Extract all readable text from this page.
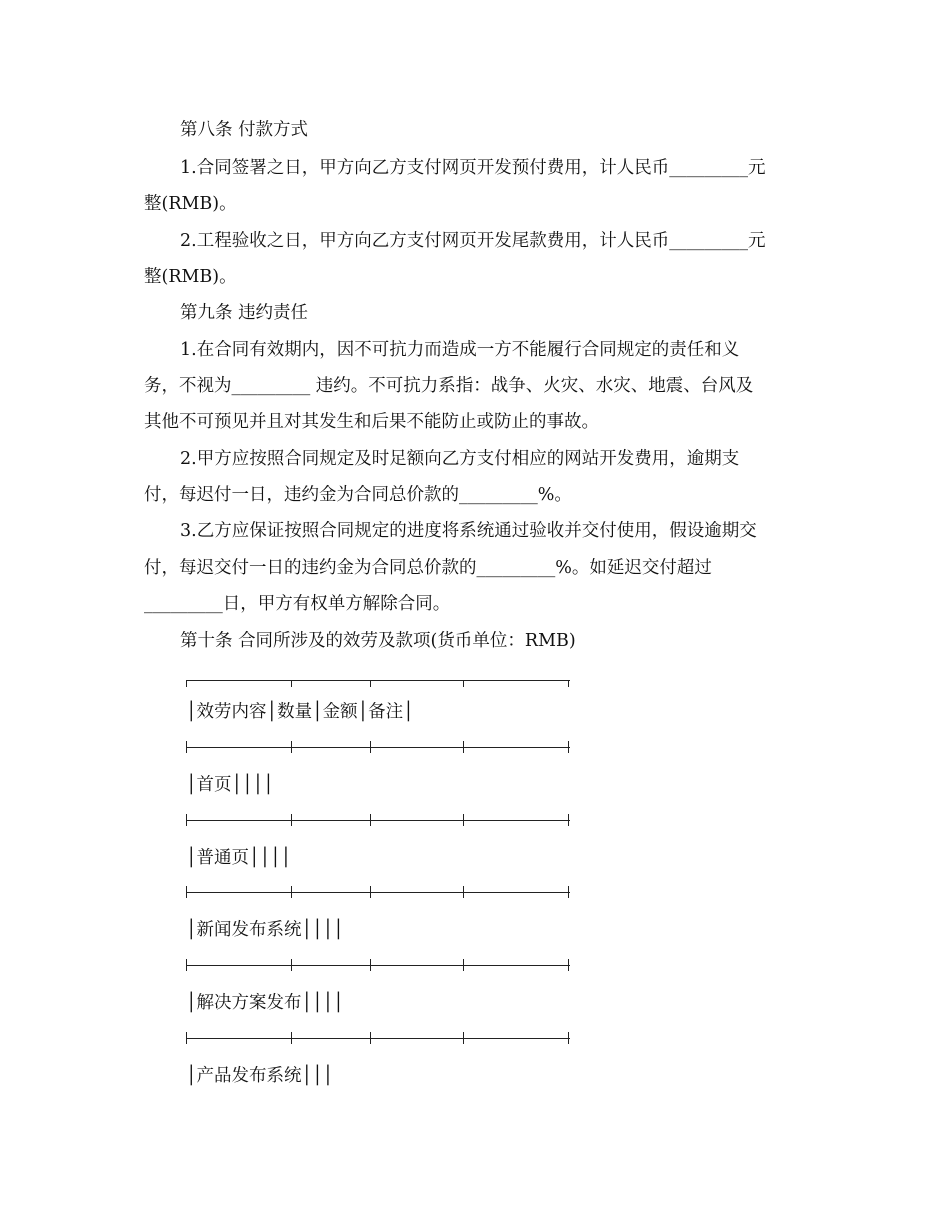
第八条 付款方式
1.合同签署之日，甲方向乙方支付网页开发预付费用，计人民币_________元
整(RMB)。
2.工程验收之日，甲方向乙方支付网页开发尾款费用，计人民币_________元
整(RMB)。
第九条 违约责任
1.在合同有效期内，因不可抗力而造成一方不能履行合同规定的责任和义
务，不视为_________ 违约。不可抗力系指：战争、火灾、水灾、地震、台风及
其他不可预见并且对其发生和后果不能防止或防止的事故。
2.甲方应按照合同规定及时足额向乙方支付相应的网站开发费用，逾期支
付，每迟付一日，违约金为合同总价款的_________%。
3.乙方应保证按照合同规定的进度将系统通过验收并交付使用，假设逾期交
付，每迟交付一日的违约金为合同总价款的_________%。如延迟交付超过
_________日，甲方有权单方解除合同。
第十条 合同所涉及的效劳及款项(货币单位：RMB)
│效劳内容│数量│金额│备注│
│首页││││
│普通页││││
│新闻发布系统││││
│解决方案发布││││
│产品发布系统│││
